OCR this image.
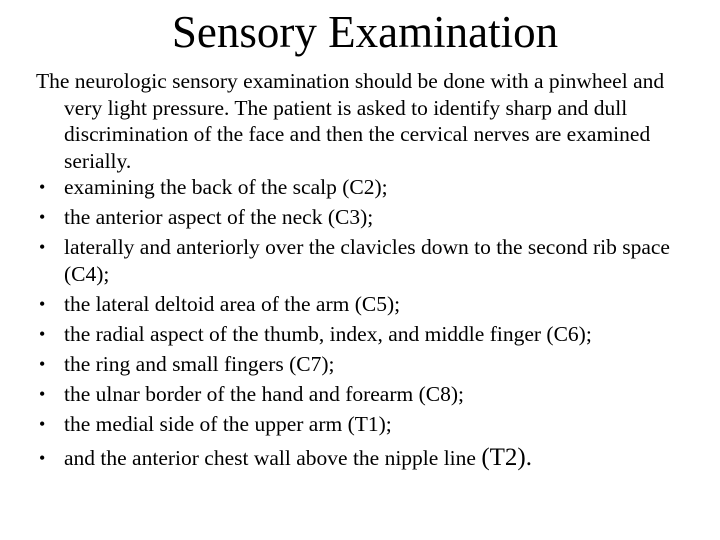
Sensory Examination

The neurologic sensory examination should be done with a pinwheel and very light pressure. The patient is asked to identify sharp and dull discrimination of the face and then the cervical nerves are examined serially.

• examining the back of the scalp (C2);
• the anterior aspect of the neck (C3);
• laterally and anteriorly over the clavicles down to the second rib space (C4);
• the lateral deltoid area of the arm (C5);
• the radial aspect of the thumb, index, and middle finger (C6);
• the ring and small fingers (C7);
• the ulnar border of the hand and forearm (C8);
• the medial side of the upper arm (T1);
• and the anterior chest wall above the nipple line (T2).
